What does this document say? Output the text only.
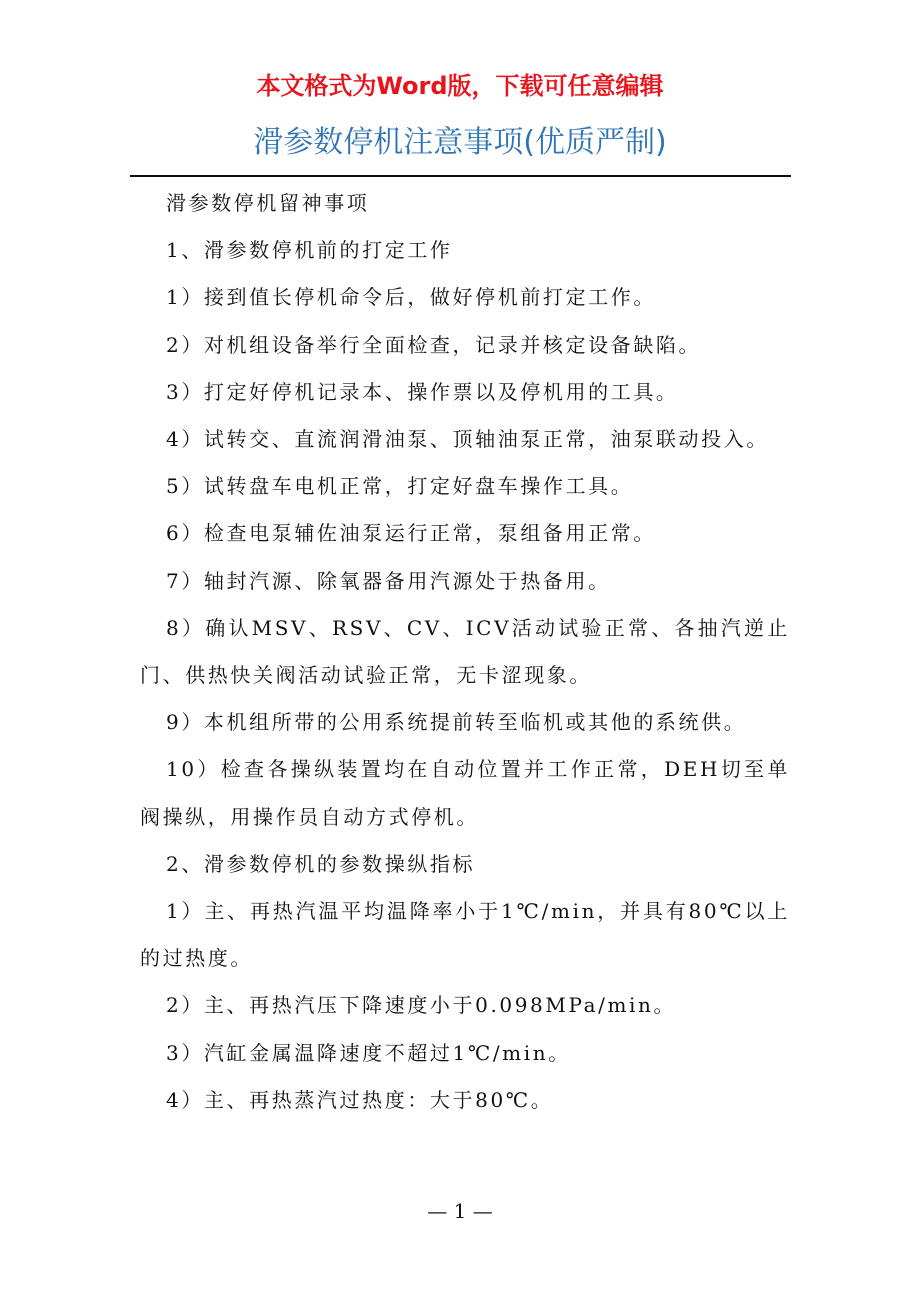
本文格式为Word版，下载可任意编辑
滑参数停机注意事项(优质严制)

滑参数停机留神事项

1、滑参数停机前的打定工作

1）接到值长停机命令后，做好停机前打定工作。

2）对机组设备举行全面检查，记录并核定设备缺陷。

3）打定好停机记录本、操作票以及停机用的工具。

4）试转交、直流润滑油泵、顶轴油泵正常，油泵联动投入。

5）试转盘车电机正常，打定好盘车操作工具。

6）检查电泵辅佐油泵运行正常，泵组备用正常。

7）轴封汽源、除氧器备用汽源处于热备用。

8）确认MSV、RSV、CV、ICV活动试验正常、各抽汽逆止门、供热快关阀活动试验正常，无卡涩现象。

9）本机组所带的公用系统提前转至临机或其他的系统供。

10）检查各操纵装置均在自动位置并工作正常，DEH切至单阀操纵，用操作员自动方式停机。

2、滑参数停机的参数操纵指标

1）主、再热汽温平均温降率小于1℃/min，并具有80℃以上的过热度。

2）主、再热汽压下降速度小于0.098MPa/min。

3）汽缸金属温降速度不超过1℃/min。

4）主、再热蒸汽过热度：大于80℃。

— 1 —
